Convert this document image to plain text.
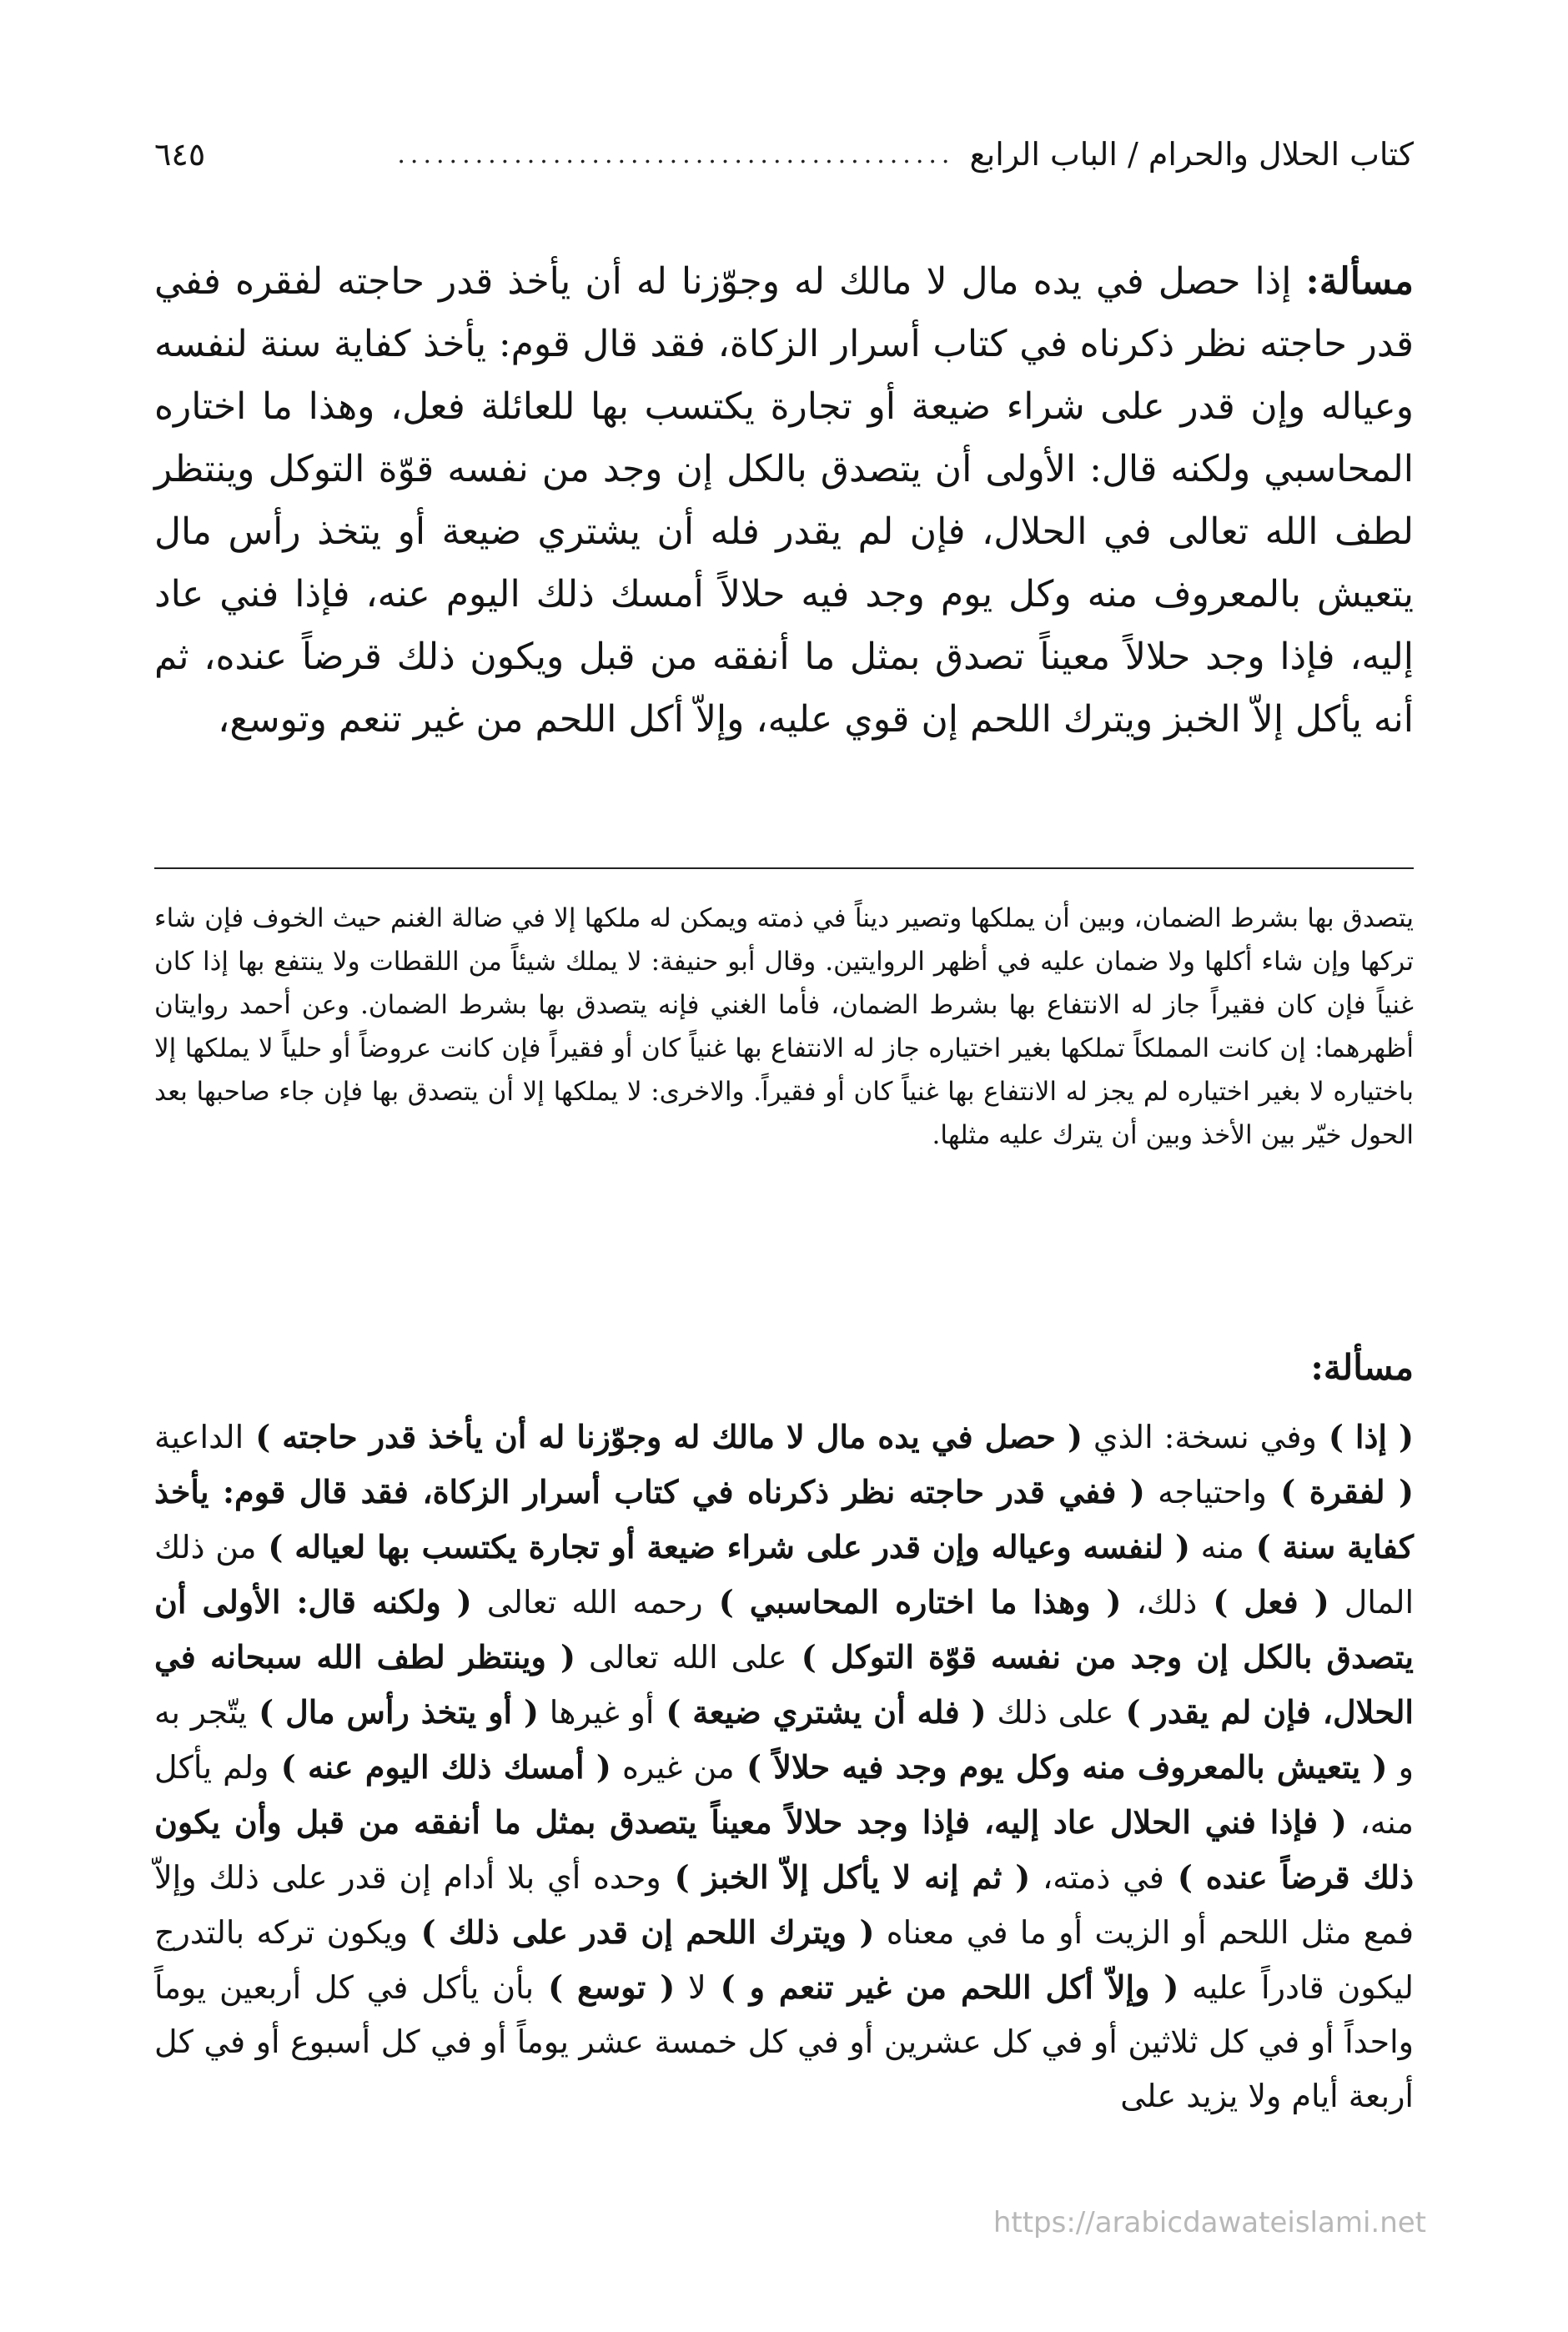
كتاب الحلال والحرام / الباب الرابع
...........................................
٦٤٥
مسألة: إذا حصل في يده مال لا مالك له وجوّزنا له أن يأخذ قدر حاجته لفقره ففي قدر حاجته نظر ذكرناه في كتاب أسرار الزكاة، فقد قال قوم: يأخذ كفاية سنة لنفسه وعياله وإن قدر على شراء ضيعة أو تجارة يكتسب بها للعائلة فعل، وهذا ما اختاره المحاسبي ولكنه قال: الأولى أن يتصدق بالكل إن وجد من نفسه قوّة التوكل وينتظر لطف الله تعالى في الحلال، فإن لم يقدر فله أن يشتري ضيعة أو يتخذ رأس مال يتعيش بالمعروف منه وكل يوم وجد فيه حلالاً أمسك ذلك اليوم عنه، فإذا فني عاد إليه، فإذا وجد حلالاً معيناً تصدق بمثل ما أنفقه من قبل ويكون ذلك قرضاً عنده، ثم أنه يأكل إلاّ الخبز ويترك اللحم إن قوي عليه، وإلاّ أكل اللحم من غير تنعم وتوسع،
يتصدق بها بشرط الضمان، وبين أن يملكها وتصير ديناً في ذمته ويمكن له ملكها إلا في ضالة الغنم حيث الخوف فإن شاء تركها وإن شاء أكلها ولا ضمان عليه في أظهر الروايتين. وقال أبو حنيفة: لا يملك شيئاً من اللقطات ولا ينتفع بها إذا كان غنياً فإن كان فقيراً جاز له الانتفاع بها بشرط الضمان، فأما الغني فإنه يتصدق بها بشرط الضمان. وعن أحمد روايتان أظهرهما: إن كانت المملكاً تملكها بغير اختياره جاز له الانتفاع بها غنياً كان أو فقيراً فإن كانت عروضاً أو حلياً لا يملكها إلا باختياره لا بغير اختياره لم يجز له الانتفاع بها غنياً كان أو فقيراً. والاخرى: لا يملكها إلا أن يتصدق بها فإن جاء صاحبها بعد الحول خيّر بين الأخذ وبين أن يترك عليه مثلها.
مسألة:
( إذا ) وفي نسخة: الذي ( حصل في يده مال لا مالك له وجوّزنا له أن يأخذ قدر حاجته ) الداعية ( لفقرة ) واحتياجه ( ففي قدر حاجته نظر ذكرناه في كتاب أسرار الزكاة، فقد قال قوم: يأخذ كفاية سنة ) منه ( لنفسه وعياله وإن قدر على شراء ضيعة أو تجارة يكتسب بها لعياله ) من ذلك المال ( فعل ) ذلك، ( وهذا ما اختاره المحاسبي ) رحمه الله تعالى ( ولكنه قال: الأولى أن يتصدق بالكل إن وجد من نفسه قوّة التوكل ) على الله تعالى ( وينتظر لطف الله سبحانه في الحلال، فإن لم يقدر ) على ذلك ( فله أن يشتري ضيعة ) أو غيرها ( أو يتخذ رأس مال ) يتّجر به و ( يتعيش بالمعروف منه وكل يوم وجد فيه حلالاً ) من غيره ( أمسك ذلك اليوم عنه ) ولم يأكل منه، ( فإذا فني الحلال عاد إليه، فإذا وجد حلالاً معيناً يتصدق بمثل ما أنفقه من قبل وأن يكون ذلك قرضاً عنده ) في ذمته، ( ثم إنه لا يأكل إلاّ الخبز ) وحده أي بلا أدام إن قدر على ذلك وإلاّ فمع مثل اللحم أو الزيت أو ما في معناه ( ويترك اللحم إن قدر على ذلك ) ويكون تركه بالتدرج ليكون قادراً عليه ( وإلاّ أكل اللحم من غير تنعم و ) لا ( توسع ) بأن يأكل في كل أربعين يوماً واحداً أو في كل ثلاثين أو في كل عشرين أو في كل خمسة عشر يوماً أو في كل أسبوع أو في كل أربعة أيام ولا يزيد على
https://arabicdawateislami.net
